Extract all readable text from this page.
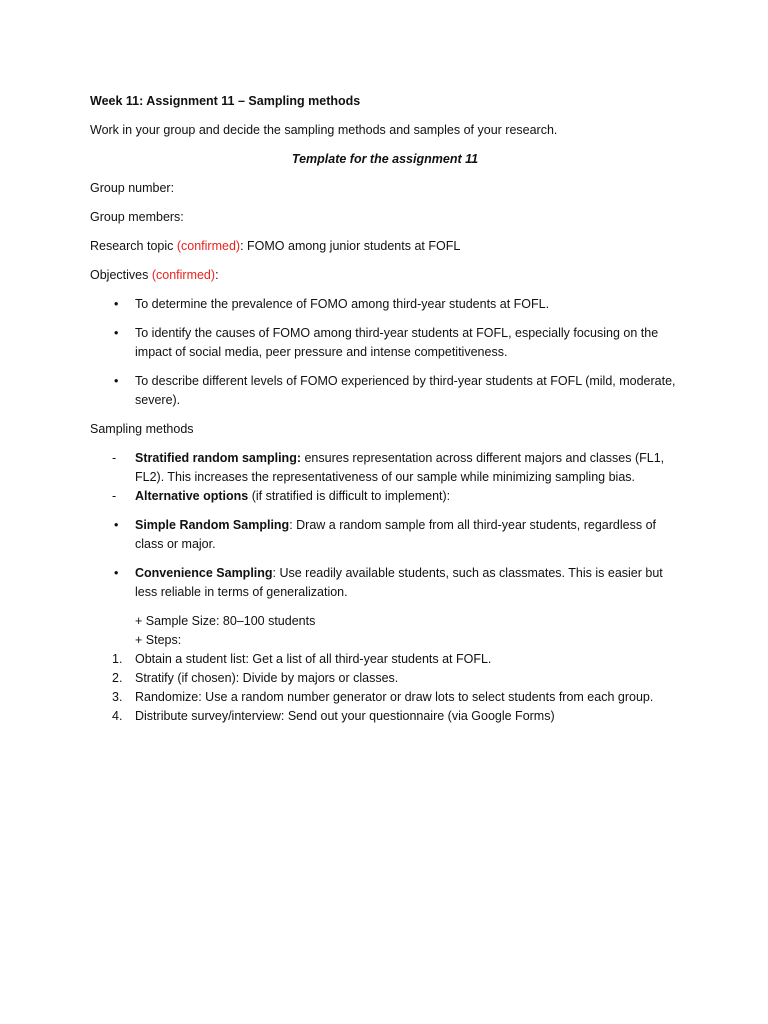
Week 11: Assignment 11 – Sampling methods

Work in your group and decide the sampling methods and samples of your research.

Template for the assignment 11

Group number:

Group members:

Research topic (confirmed): FOMO among junior students at FOFL

Objectives (confirmed):

• To determine the prevalence of FOMO among third-year students at FOFL.
• To identify the causes of FOMO among third-year students at FOFL, especially focusing on the impact of social media, peer pressure and intense competitiveness.
• To describe different levels of FOMO experienced by third-year students at FOFL (mild, moderate, severe).

Sampling methods

- Stratified random sampling: ensures representation across different majors and classes (FL1, FL2). This increases the representativeness of our sample while minimizing sampling bias.
- Alternative options (if stratified is difficult to implement):
• Simple Random Sampling: Draw a random sample from all third-year students, regardless of class or major.
• Convenience Sampling: Use readily available students, such as classmates. This is easier but less reliable in terms of generalization.

+ Sample Size: 80–100 students

+ Steps:

1. Obtain a student list: Get a list of all third-year students at FOFL.
2. Stratify (if chosen): Divide by majors or classes.
3. Randomize: Use a random number generator or draw lots to select students from each group.
4. Distribute survey/interview: Send out your questionnaire (via Google Forms)
